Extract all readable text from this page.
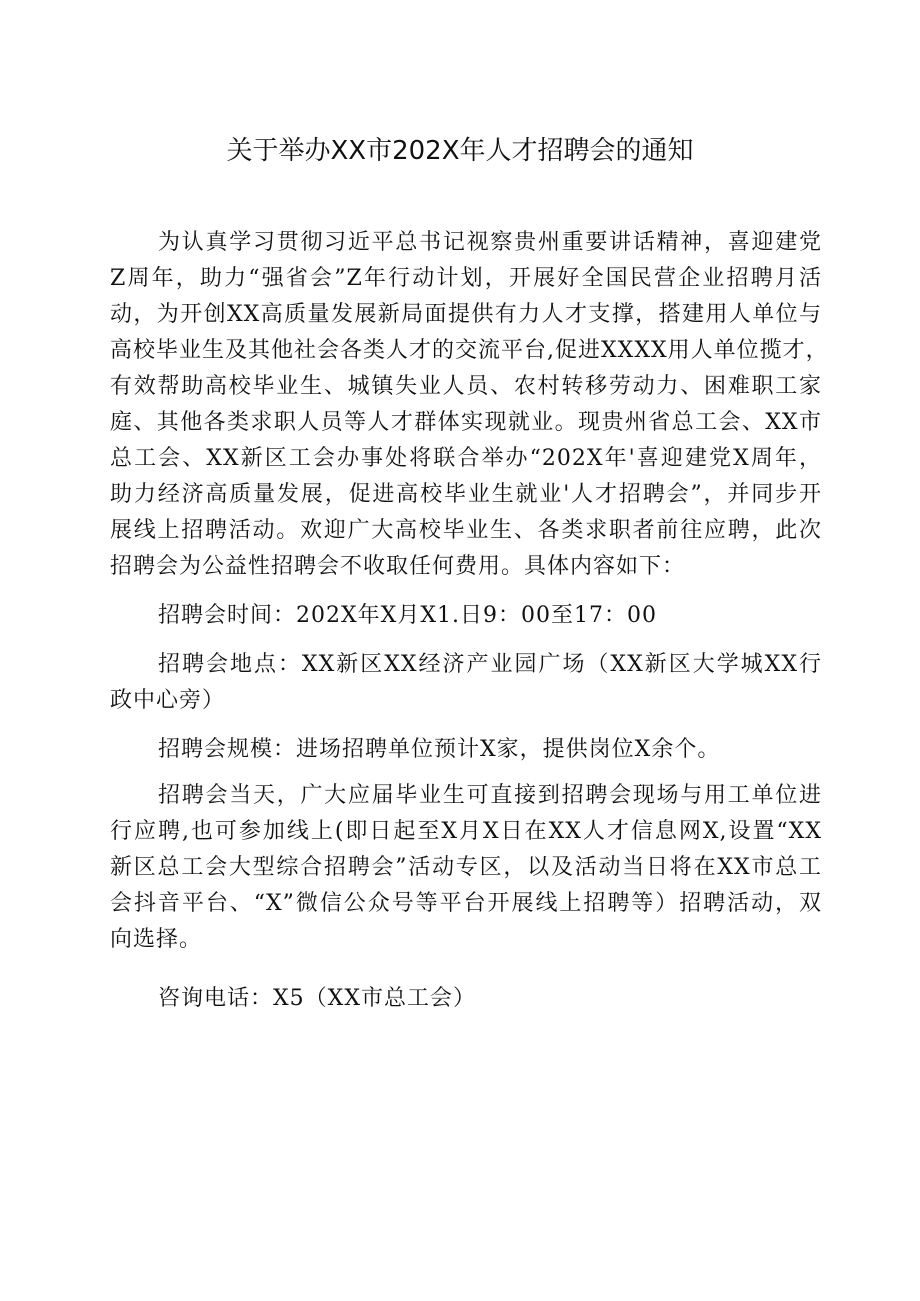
关于举办XX市202X年人才招聘会的通知
为认真学习贯彻习近平总书记视察贵州重要讲话精神，喜迎建党
Z周年，助力“强省会”Z年行动计划，开展好全国民营企业招聘月活
动，为开创XX高质量发展新局面提供有力人才支撑，搭建用人单位与
高校毕业生及其他社会各类人才的交流平台,促进XXXX用人单位揽才，
有效帮助高校毕业生、城镇失业人员、农村转移劳动力、困难职工家
庭、其他各类求职人员等人才群体实现就业。现贵州省总工会、XX市
总工会、XX新区工会办事处将联合举办“202X年'喜迎建党X周年，
助力经济高质量发展，促进高校毕业生就业'人才招聘会”，并同步开
展线上招聘活动。欢迎广大高校毕业生、各类求职者前往应聘，此次
招聘会为公益性招聘会不收取任何费用。具体内容如下：

招聘会时间：202X年X月X1.日9：00至17：00

招聘会地点：XX新区XX经济产业园广场（XX新区大学城XX行
政中心旁）

招聘会规模：进场招聘单位预计X家，提供岗位X余个。

招聘会当天，广大应届毕业生可直接到招聘会现场与用工单位进
行应聘,也可参加线上(即日起至X月X日在XX人才信息网X,设置“XX
新区总工会大型综合招聘会”活动专区，以及活动当日将在XX市总工
会抖音平台、“X”微信公众号等平台开展线上招聘等）招聘活动，双
向选择。

咨询电话：X5（XX市总工会）
